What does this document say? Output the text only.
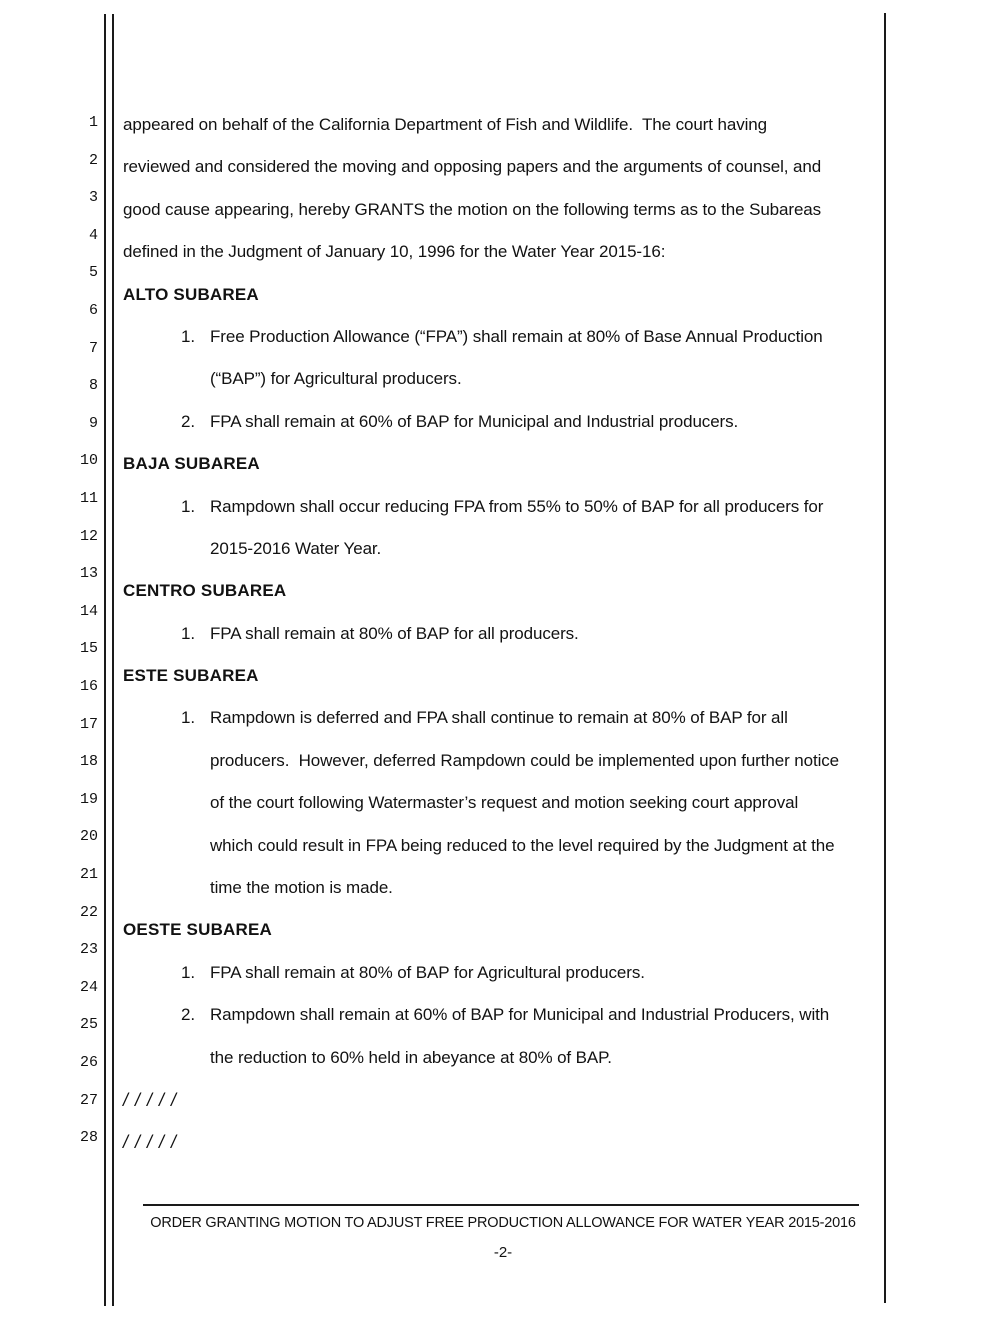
1
2
3
4
5
6
7
8
9
10
11
12
13
14
15
16
17
18
19
20
21
22
23
24
25
26
27
28
appeared on behalf of the California Department of Fish and Wildlife.  The court having
reviewed and considered the moving and opposing papers and the arguments of counsel, and
good cause appearing, hereby GRANTS the motion on the following terms as to the Subareas
defined in the Judgment of January 10, 1996 for the Water Year 2015-16:
ALTO SUBAREA
1. Free Production Allowance (“FPA”) shall remain at 80% of Base Annual Production
(“BAP”) for Agricultural producers.
2. FPA shall remain at 60% of BAP for Municipal and Industrial producers.
BAJA SUBAREA
1. Rampdown shall occur reducing FPA from 55% to 50% of BAP for all producers for
2015-2016 Water Year.
CENTRO SUBAREA
1. FPA shall remain at 80% of BAP for all producers.
ESTE SUBAREA
1. Rampdown is deferred and FPA shall continue to remain at 80% of BAP for all
producers.  However, deferred Rampdown could be implemented upon further notice
of the court following Watermaster’s request and motion seeking court approval
which could result in FPA being reduced to the level required by the Judgment at the
time the motion is made.
OESTE SUBAREA
1. FPA shall remain at 80% of BAP for Agricultural producers.
2. Rampdown shall remain at 60% of BAP for Municipal and Industrial Producers, with
the reduction to 60% held in abeyance at 80% of BAP.
/ / / / /
/ / / / /
ORDER GRANTING MOTION TO ADJUST FREE PRODUCTION ALLOWANCE FOR WATER YEAR 2015-2016
-2-
